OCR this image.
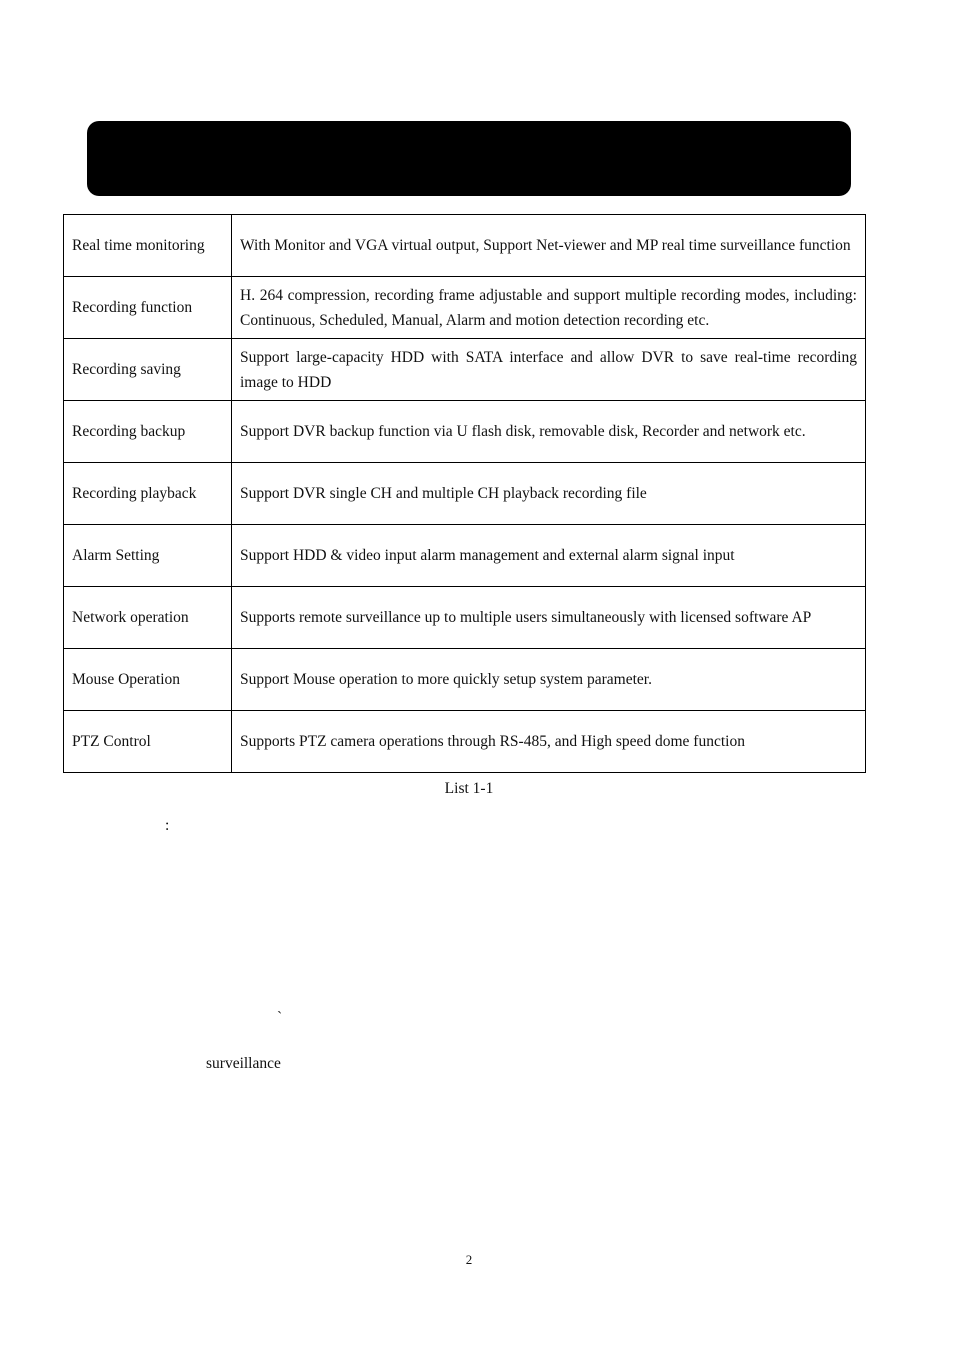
Real time monitoring	With Monitor and VGA virtual output, Support Net-viewer and MP real time surveillance function
Recording function	H. 264 compression, recording frame adjustable and support multiple recording modes, including: Continuous, Scheduled, Manual, Alarm and motion detection recording etc.
Recording saving	Support large-capacity HDD with SATA interface and allow DVR to save real-time recording image to HDD
Recording backup	Support DVR backup function via U flash disk, removable disk, Recorder and network etc.
Recording playback	Support DVR single CH and multiple CH playback recording file
Alarm Setting	Support HDD & video input alarm management and external alarm signal input
Network operation	Supports remote surveillance up to multiple users simultaneously with licensed software AP
Mouse Operation	Support Mouse operation to more quickly setup system parameter.
PTZ Control	Supports PTZ camera operations through RS-485, and High speed dome function
List 1-1
:
`
surveillance
2
